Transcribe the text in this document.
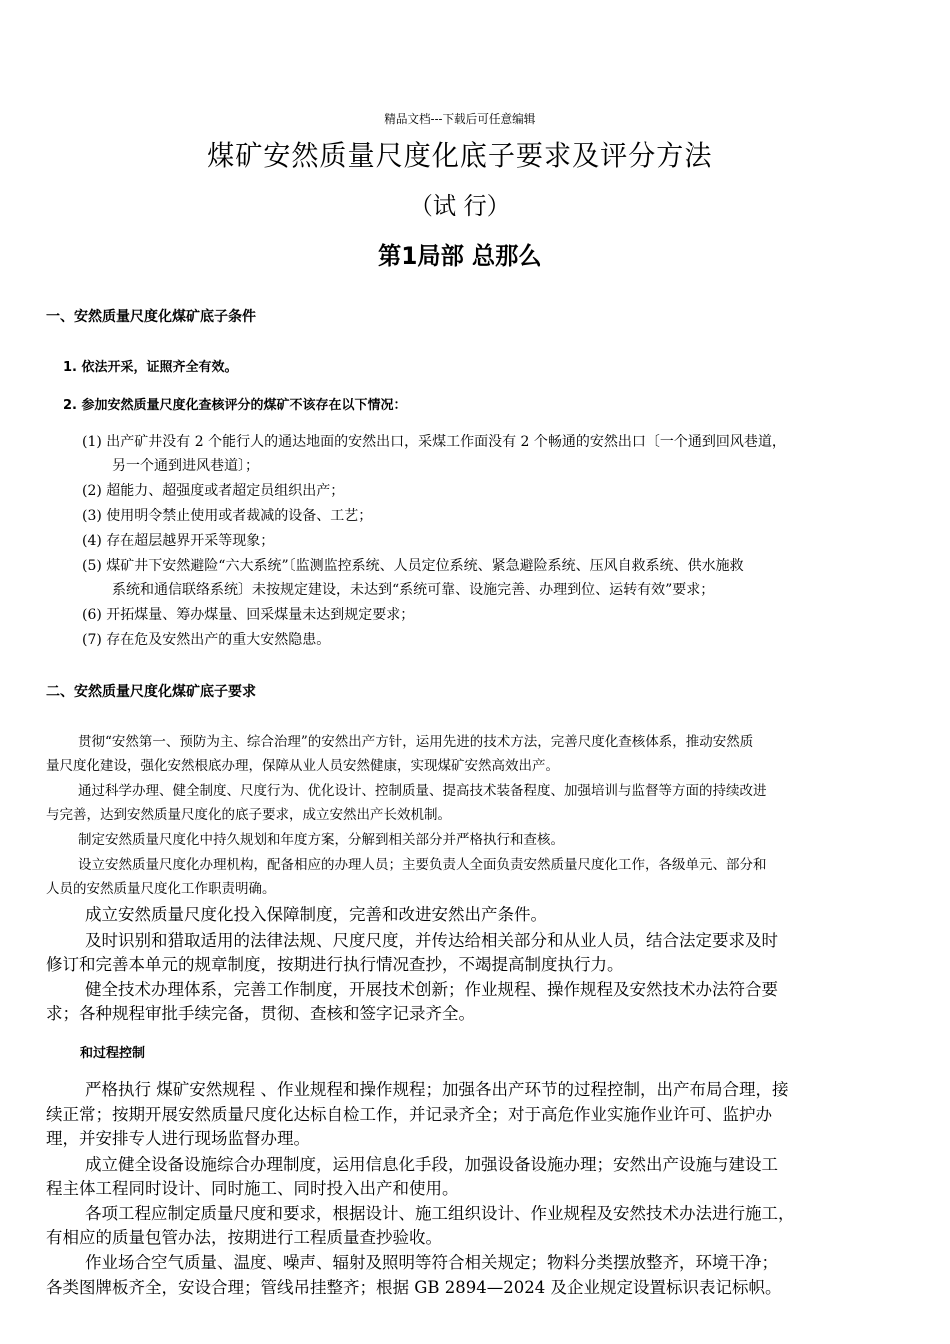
精品文档---下载后可任意编辑
煤矿安然质量尺度化底子要求及评分方法
（试 行）
第1局部 总那么
一、安然质量尺度化煤矿底子条件
1. 依法开采，证照齐全有效。
2. 参加安然质量尺度化查核评分的煤矿不该存在以下情况：
(1) 出产矿井没有 2 个能行人的通达地面的安然出口，采煤工作面没有 2 个畅通的安然出口〔一个通到回风巷道，
另一个通到进风巷道〕；
(2) 超能力、超强度或者超定员组织出产；
(3) 使用明令禁止使用或者裁减的设备、工艺；
(4) 存在超层越界开采等现象；
(5) 煤矿井下安然避险“六大系统”〔监测监控系统、人员定位系统、紧急避险系统、压风自救系统、供水施救
系统和通信联络系统〕未按规定建设，未达到“系统可靠、设施完善、办理到位、运转有效”要求；
(6) 开拓煤量、筹办煤量、回采煤量未达到规定要求；
(7) 存在危及安然出产的重大安然隐患。
二、安然质量尺度化煤矿底子要求
贯彻“安然第一、预防为主、综合治理”的安然出产方针，运用先进的技术方法，完善尺度化查核体系，推动安然质
量尺度化建设，强化安然根底办理，保障从业人员安然健康，实现煤矿安然高效出产。
通过科学办理、健全制度、尺度行为、优化设计、控制质量、提高技术装备程度、加强培训与监督等方面的持续改进
与完善，达到安然质量尺度化的底子要求，成立安然出产长效机制。
制定安然质量尺度化中持久规划和年度方案，分解到相关部分并严格执行和查核。
设立安然质量尺度化办理机构，配备相应的办理人员；主要负责人全面负责安然质量尺度化工作，各级单元、部分和
人员的安然质量尺度化工作职责明确。
成立安然质量尺度化投入保障制度，完善和改进安然出产条件。
及时识别和猎取适用的法律法规、尺度尺度，并传达给相关部分和从业人员，结合法定要求及时
修订和完善本单元的规章制度，按期进行执行情况查抄，不竭提高制度执行力。
健全技术办理体系，完善工作制度，开展技术创新；作业规程、操作规程及安然技术办法符合要
求；各种规程审批手续完备，贯彻、查核和签字记录齐全。
和过程控制
严格执行 煤矿安然规程 、作业规程和操作规程；加强各出产环节的过程控制，出产布局合理，接
续正常；按期开展安然质量尺度化达标自检工作，并记录齐全；对于高危作业实施作业许可、监护办
理，并安排专人进行现场监督办理。
成立健全设备设施综合办理制度，运用信息化手段，加强设备设施办理；安然出产设施与建设工
程主体工程同时设计、同时施工、同时投入出产和使用。
各项工程应制定质量尺度和要求，根据设计、施工组织设计、作业规程及安然技术办法进行施工，
有相应的质量包管办法，按期进行工程质量查抄验收。
作业场合空气质量、温度、噪声、辐射及照明等符合相关规定；物料分类摆放整齐，环境干净；
各类图牌板齐全，安设合理；管线吊挂整齐；根据 GB 2894—2024 及企业规定设置标识表记标帜。
